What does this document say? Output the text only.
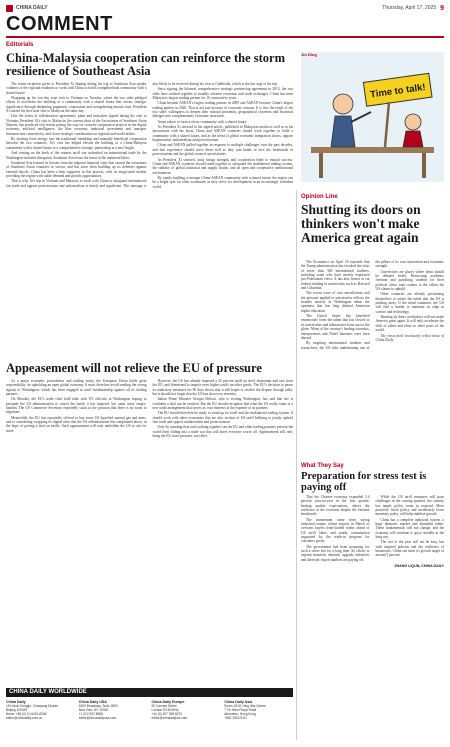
CHINA DAILY	Thursday, April 17, 2025 9
COMMENT
Editorials
China-Malaysia cooperation can reinforce the storm resilience of Southeast Asia

The warm reception given to President Xi Jinping during his trip to Southeast Asia speaks volumes of the regional readiness to work with China to build a neighborhood community with a shared future.

Wrapping up his two-day state visit to Vietnam on Tuesday, where the two sides pledged efforts to accelerate the building of a community with a shared future that carries strategic significance through deepening pragmatic cooperation and strengthening mutual trust, President Xi started his first state visit to Malaysia the same day.

Like the series of collaboration agreements, plans and initiatives signed during his visit to Vietnam, President Xi's visit to Malaysia, the current chair of the Association of Southeast Asian Nations, has produced rich results paving the way for concrete cooperation projects in the digital economy, artificial intelligence, the blue economy, industrial investment and transport infrastructure connectivity, and closer strategic coordination on regional and world affairs.

By ejecting fresh energy into the traditional friendship and mutually beneficial cooperation between the two countries, Xi's visit has helped elevate the building of a China-Malaysia community with a shared future to a comprehensive strategic partnership at a new height.

And coming on the heels of the ruinous tariff war unleashed on international trade by the Washington-initiated disruption, Southeast Asia bears the brunt of the unilateral hikes.

Southeast Asia learned its lessons from the regional financial crisis that caused the economies of Southeast Asian countries to swoon, and has since been building up its defenses against external shocks. China has been a firm supporter in this process, with its mega-sized market providing the region with stable demand and growth opportunities.

That is why Xi's trip to Vietnam and Malaysia to work with China to safeguard international fair trade and oppose protectionism and unilateralism is timely and significant. This message is also likely to be received during his visit to Cambodia, which is the last stop of his trip.

Since signing the bilateral comprehensive strategic partnership agreement in 2013, the two sides have worked together to steadily advance economic and trade exchanges. China has been Malaysia's largest trading partner for 16 consecutive years.

China became ASEAN's largest trading partner in 2009 and ASEAN became China's largest trading partner in 2020. That is not just because of economic reasons. It is also the result of the two sides' willingness to deepen their cultural proximity, geographical closeness and historical linkages into complementary economic structures.

Asian values to form a closer community with a shared future.

As President Xi stressed in his signed article, published in Malaysian media as well as in his interactions with his hosts, China and ASEAN countries should work together to build a community with a shared future, and as the trend of global economic integration shows, oppose hegemonism, unilateralism and protectionism.

China and ASEAN pulled together in response to multiple challenges over the past decades, and that experience should serve them well as they join hands to face the headwinds of protectionism and the global storm of uncertainties.

As President Xi stressed, unity brings strength, and cooperation leads to mutual success. China and ASEAN countries should stand together to safeguard the multilateral trading system, the stability of global industrial and supply chains, and an open and cooperative international environment.

By jointly building a stronger China-ASEAN community with a shared future, the region can be a bright spot for other economies as they strive for development in an increasingly turbulent world.

Appeasement will not relieve the EU of pressure

As a major economic powerhouse and trading entity, the European Union holds great responsibility for upholding an open global economy. It must therefore avoid sending the wrong signals to Washington, which has been engaged in tariff brinkmanship against all its trading partners.

On Monday, the EU's trade chief held talks with US officials in Washington hoping to persuade the US administration to cancel the tariffs it has imposed, but came away empty-handed. The US Commerce Secretary reportedly stuck to the position that there is no room to negotiate.

Meanwhile, the EU has reportedly offered to buy more US liquefied natural gas and arms, and is considering scrapping its digital rules that the US administration has complained about, in the hope of getting a deal on tariffs. Such appeasement will only embolden the US to ask for more.

However, the US has already imposed a 25 percent tariff on steel, aluminum and cars from the EU, and threatened to impose even higher tariffs on other goods. The EU's decision to pause its retaliatory measures for 90 days shows that it still hopes to resolve the dispute through talks, but it should not forget that the US has shown no sincerity.

Italian Prime Minister Giorgia Meloni, who is visiting Washington, has said that she is confident a deal can be reached. But the EU should recognize that what the US really wants is a new trade arrangement that serves its own interests at the expense of its partners.

The EU should therefore be ready to stand up for itself and the multilateral trading system. It should work with other economies that are also victims of US tariff bullying to jointly uphold free trade and oppose unilateralism and protectionism.

Only by standing firm and working together can the EU and other trading partners prevent the world from sliding into a trade war that will leave everyone worse off. Appeasement will only bring the EU more pressure, not relief.

CHINA DAILY WORLDWIDE
China Daily
15 Huixin Dongjie, Chaoyang District
Beijing 100029
News: +86 (0) 10 6491-8366
editor@chinadaily.com.cn
China Daily USA
1500 Broadway, Suite 2800
New York, NY 10036
+1 212 537 8888
editor@chinadailyusa.com
China Daily Europe
90 Cannon Street
London EC4N 6HA
+44 (0) 207 398 8270
editor@chinadailyuk.com
China Daily Asia
Room 1818, Hing Wai Centre
7 Tin Wan Praya Road
Aberdeen, Hong Kong
+852 2518 5111
Time to talk!
Jin Ding
Opinion Line
Shutting its doors on thinkers won't make America great again

The Economist on April 10 reported that the Trump administration has revoked the visas of more than 300 international students, including some who have merely expressed pro-Palestinian views. It has also frozen or cut federal funding to universities such as Harvard and Columbia.

The recent wave of visa cancellations and the pressure applied to universities reflects the broader anxiety in Washington about the openness that has long defined American higher education.

The United States has benefited enormously from the talent that has flowed to its universities and laboratories from across the globe. Many of the country's leading scientists, entrepreneurs and Nobel laureates were born abroad.

By targeting international students and researchers, the US risks undermining one of the pillars of its own innovation and economic strength.

Universities are places where ideas should be debated freely. Restricting academic freedom and punishing students for their political views runs counter to the values the US claims to uphold.

Other countries are already positioning themselves to attract the talent that the US is pushing away. If the trend continues, the US will find it harder to maintain its edge in science and technology.

Shutting its doors on thinkers will not make America great again. It will only accelerate the shift of talent and ideas to other parts of the world.

The views don't necessarily reflect those of China Daily.

What They Say
Preparation for stress test is paying off

That the Chinese economy expanded 5.4 percent year-on-year in the first quarter, beating market expectations, shows the resilience of the economy despite the external headwinds.

The momentum came from strong industrial output, robust exports in March as overseas buyers front-loaded orders ahead of US tariff hikes, and steady consumption supported by the trade-in program for consumer goods.

The government had been preparing for such a stress test for a long time. Its efforts to expand domestic demand, upgrade industries and diversify export markets are paying off.

While the US tariff measures will pose challenges in the coming quarters, the country has ample policy room to respond. More proactive fiscal policy and moderately loose monetary policy will help stabilize growth.

China has a complete industrial system, a huge domestic market and abundant talent. These fundamentals will not change, and the economy will continue to grow steadily in the long run.

The rest of the year will not be easy, but with targeted policies and the resilience of businesses, China can meet its growth target of around 5 percent.

ZHANG LIQUN, CHINA DAILY
